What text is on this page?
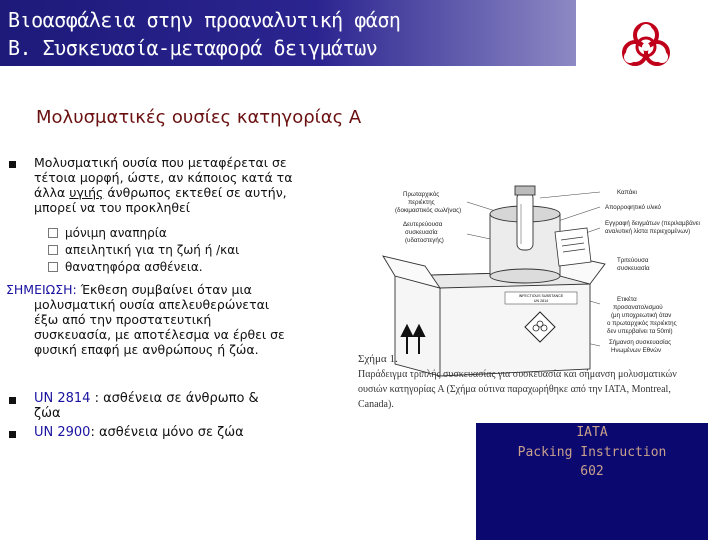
Βιοασφάλεια στην προαναλυτική φάση
Β. Συσκευασία-μεταφορά δειγμάτων
Μολυσματικές ουσίες κατηγορίας Α
Μολυσματική ουσία που μεταφέρεται σε
τέτοια μορφή, ώστε, αν κάποιος κατά τα
άλλα υγιής άνθρωπος εκτεθεί σε αυτήν,
μπορεί να του προκληθεί
μόνιμη αναπηρία
απειλητική για τη ζωή ή /και
θανατηφόρα ασθένεια.
ΣΗΜΕΙΩΣΗ: Έκθεση συμβαίνει όταν μια
μολυσματική ουσία απελευθερώνεται
έξω από την προστατευτική
συσκευασία, με αποτέλεσμα να έρθει σε
φυσική επαφή με ανθρώπους ή ζώα.
UN 2814 : ασθένεια σε άνθρωπο &
ζώα
UN 2900: ασθένεια μόνο σε ζώα
Πρωταρχικός
περιέκτης
(δοκιμαστικός σωλήνας)
Δευτερεύουσα
συσκευασία
(υδατοστεγής)
Καπάκι
Απορροφητικό υλικό
Εγγραφή δειγμάτων (περιλαμβάνει
αναλυτική λίστα περιεχομένων)
Τριτεύουσα
συσκευασία
Ετικέτα
προσανατολισμού
(μη υποχρεωτική όταν
ο πρωταρχικός περιέκτης
δεν υπερβαίνει τα 50ml)
Σήμανση συσκευασίας
Ηνωμένων Εθνών
INFECTIOUS SUBSTANCE
UN 2814
Σχήμα 1.
Παράδειγμα τριπλής συσκευασίας για συσκευασία και σήμανση μολυσματικών
ουσιών κατηγορίας Α (Σχήμα ούτινα παραχωρήθηκε από την IATA, Montreal,
Canada).
IATA
Packing Instruction
602
